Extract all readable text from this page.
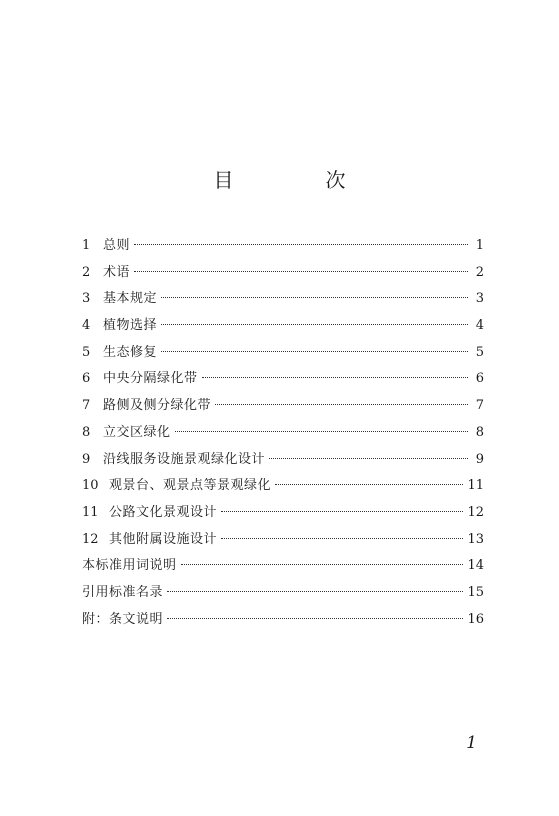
目　次
1 总则	1
2 术语	2
3 基本规定	3
4 植物选择	4
5 生态修复	5
6 中央分隔绿化带	6
7 路侧及侧分绿化带	7
8 立交区绿化	8
9 沿线服务设施景观绿化设计	9
10 观景台、观景点等景观绿化	11
11 公路文化景观设计	12
12 其他附属设施设计	13
本标准用词说明	14
引用标准名录	15
附：条文说明	16
1
